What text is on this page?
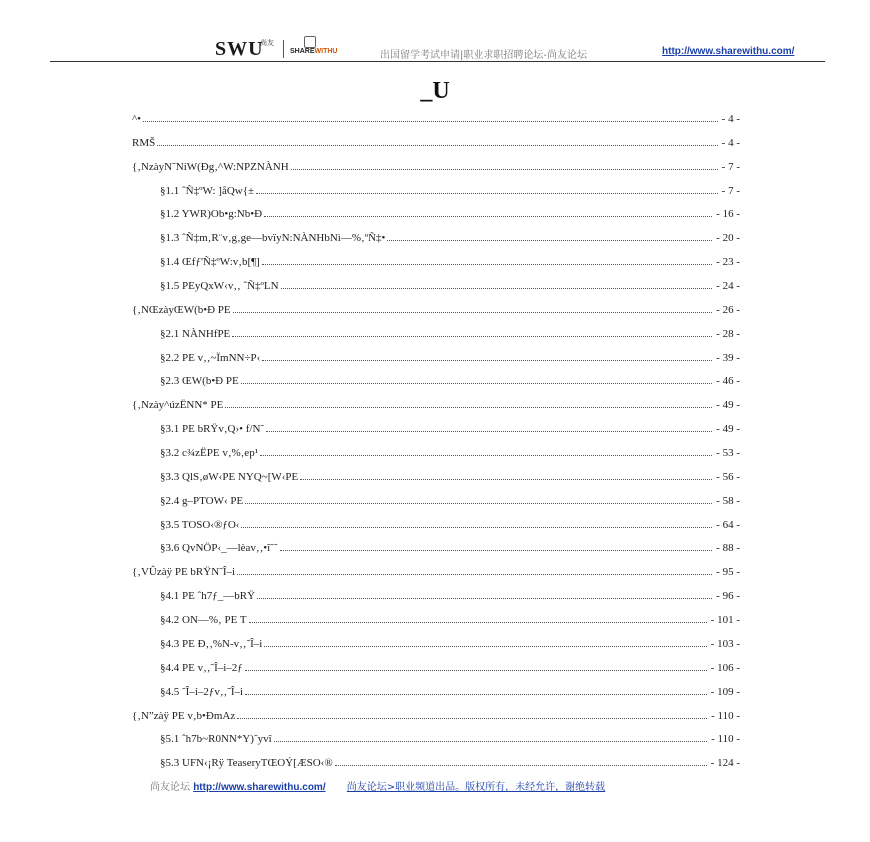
SWU
尚友
SHAREWITHU	出国留学考试申请|职业求职招聘论坛-尚友论坛	http://www.sharewithu.com/
_U
^•	- 4 -
RMŠ	- 4 -
{‚NzàyN˜NiW(Ðg‚^W:NPZNÀNH	- 7 -
§1.1 ˆÑ‡ºW: ]åQw{±	- 7 -
§1.2 YWR)Ob•g:Nb•Ð	- 16 -
§1.3 ˆÑ‡m‚R¨v‚g‚ge—bvïyN:NÀNHbNì—%‚ºÑ‡•	- 20 -
§1.4 Œfƒ'Ñ‡ºW:v‚b[¶]	- 23 -
§1.5 PEyQxW‹v‚‚ ˆÑ‡ºLN	- 24 -
{‚NŒzàyŒW(b•Ð PE	- 26 -
§2.1 NÀNHfPE	- 28 -
§2.2 PE v‚‚~ÏmNN÷P‹	- 39 -
§2.3 ŒW(b•Ð PE	- 46 -
{‚Nzày^úzËNN* PE	- 49 -
§3.1 PE bRŸv‚Q›• f/N˜	- 49 -
§3.2 c¾zËPE v‚%‚ep¹	- 53 -
§3.3 QlS‚øW‹PE NYQ~[W‹PE	- 56 -
§2.4 g–PTOW‹ PE	- 58 -
§3.5 TOSO‹®ƒO‹	- 64 -
§3.6 QvNÖP‹_—lèav‚‚•î˜˜	- 88 -
{‚VÛzàÿ PE bRŸN˜Î–i	- 95 -
§4.1 PE ˆh7ƒ_—bRŸ	- 96 -
§4.2 ON—%‚ PE T	- 101 -
§4.3 PE Ð‚‚%N-v‚‚˜Î–i	- 103 -
§4.4 PE v‚‚˜Î–i–2ƒ	- 106 -
§4.5 ˜Î–i–2ƒv‚‚˜Î–i	- 109 -
{‚N”zàÿ PE v‚b•ÐmAz	- 110 -
§5.1 ˆh7b~R0NN*Y)˜yvî	- 110 -
§5.3 UFN‹¡Rÿ TeaseryTŒOÝ[ÆSO‹®	- 124 -
尚友论坛 http://www.sharewithu.com/ 尚友论坛>职业频道出品。版权所有，未经允许，谢绝转载
